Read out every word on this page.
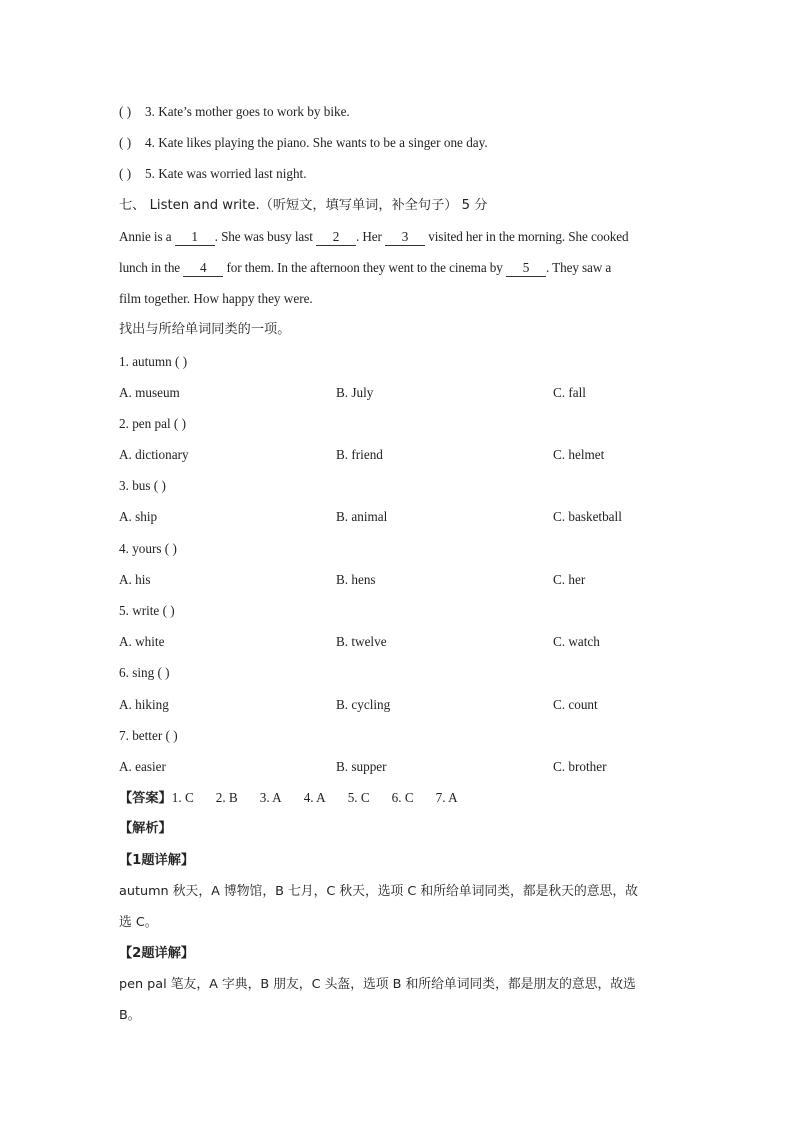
( ) 3. Kate’s mother goes to work by bike.
( ) 4. Kate likes playing the piano. She wants to be a singer one day.
( ) 5. Kate was worried last night.
七、 Listen and write.（听短文，填写单词，补全句子） 5 分
Annie is a 1 . She was busy last 2 . Her 3 visited her in the morning. She cooked
lunch in the 4 for them. In the afternoon they went to the cinema by 5 . They saw a
film together. How happy they were.
找出与所给单词同类的一项。
1. autumn ( )
A. museum	B. July	C. fall
2. pen pal ( )
A. dictionary	B. friend	C. helmet
3. bus ( )
A. ship	B. animal	C. basketball
4. yours ( )
A. his	B. hens	C. her
5. write ( )
A. white	B. twelve	C. watch
6. sing ( )
A. hiking	B. cycling	C. count
7. better ( )
A. easier	B. supper	C. brother
【答案】1. C 2. B 3. A 4. A 5. C 6. C 7. A
【解析】
【1题详解】
autumn 秋天，A 博物馆，B 七月，C 秋天，选项 C 和所给单词同类，都是秋天的意思，故
选 C。
【2题详解】
pen pal 笔友，A 字典，B 朋友，C 头盔，选项 B 和所给单词同类，都是朋友的意思，故选
B。
